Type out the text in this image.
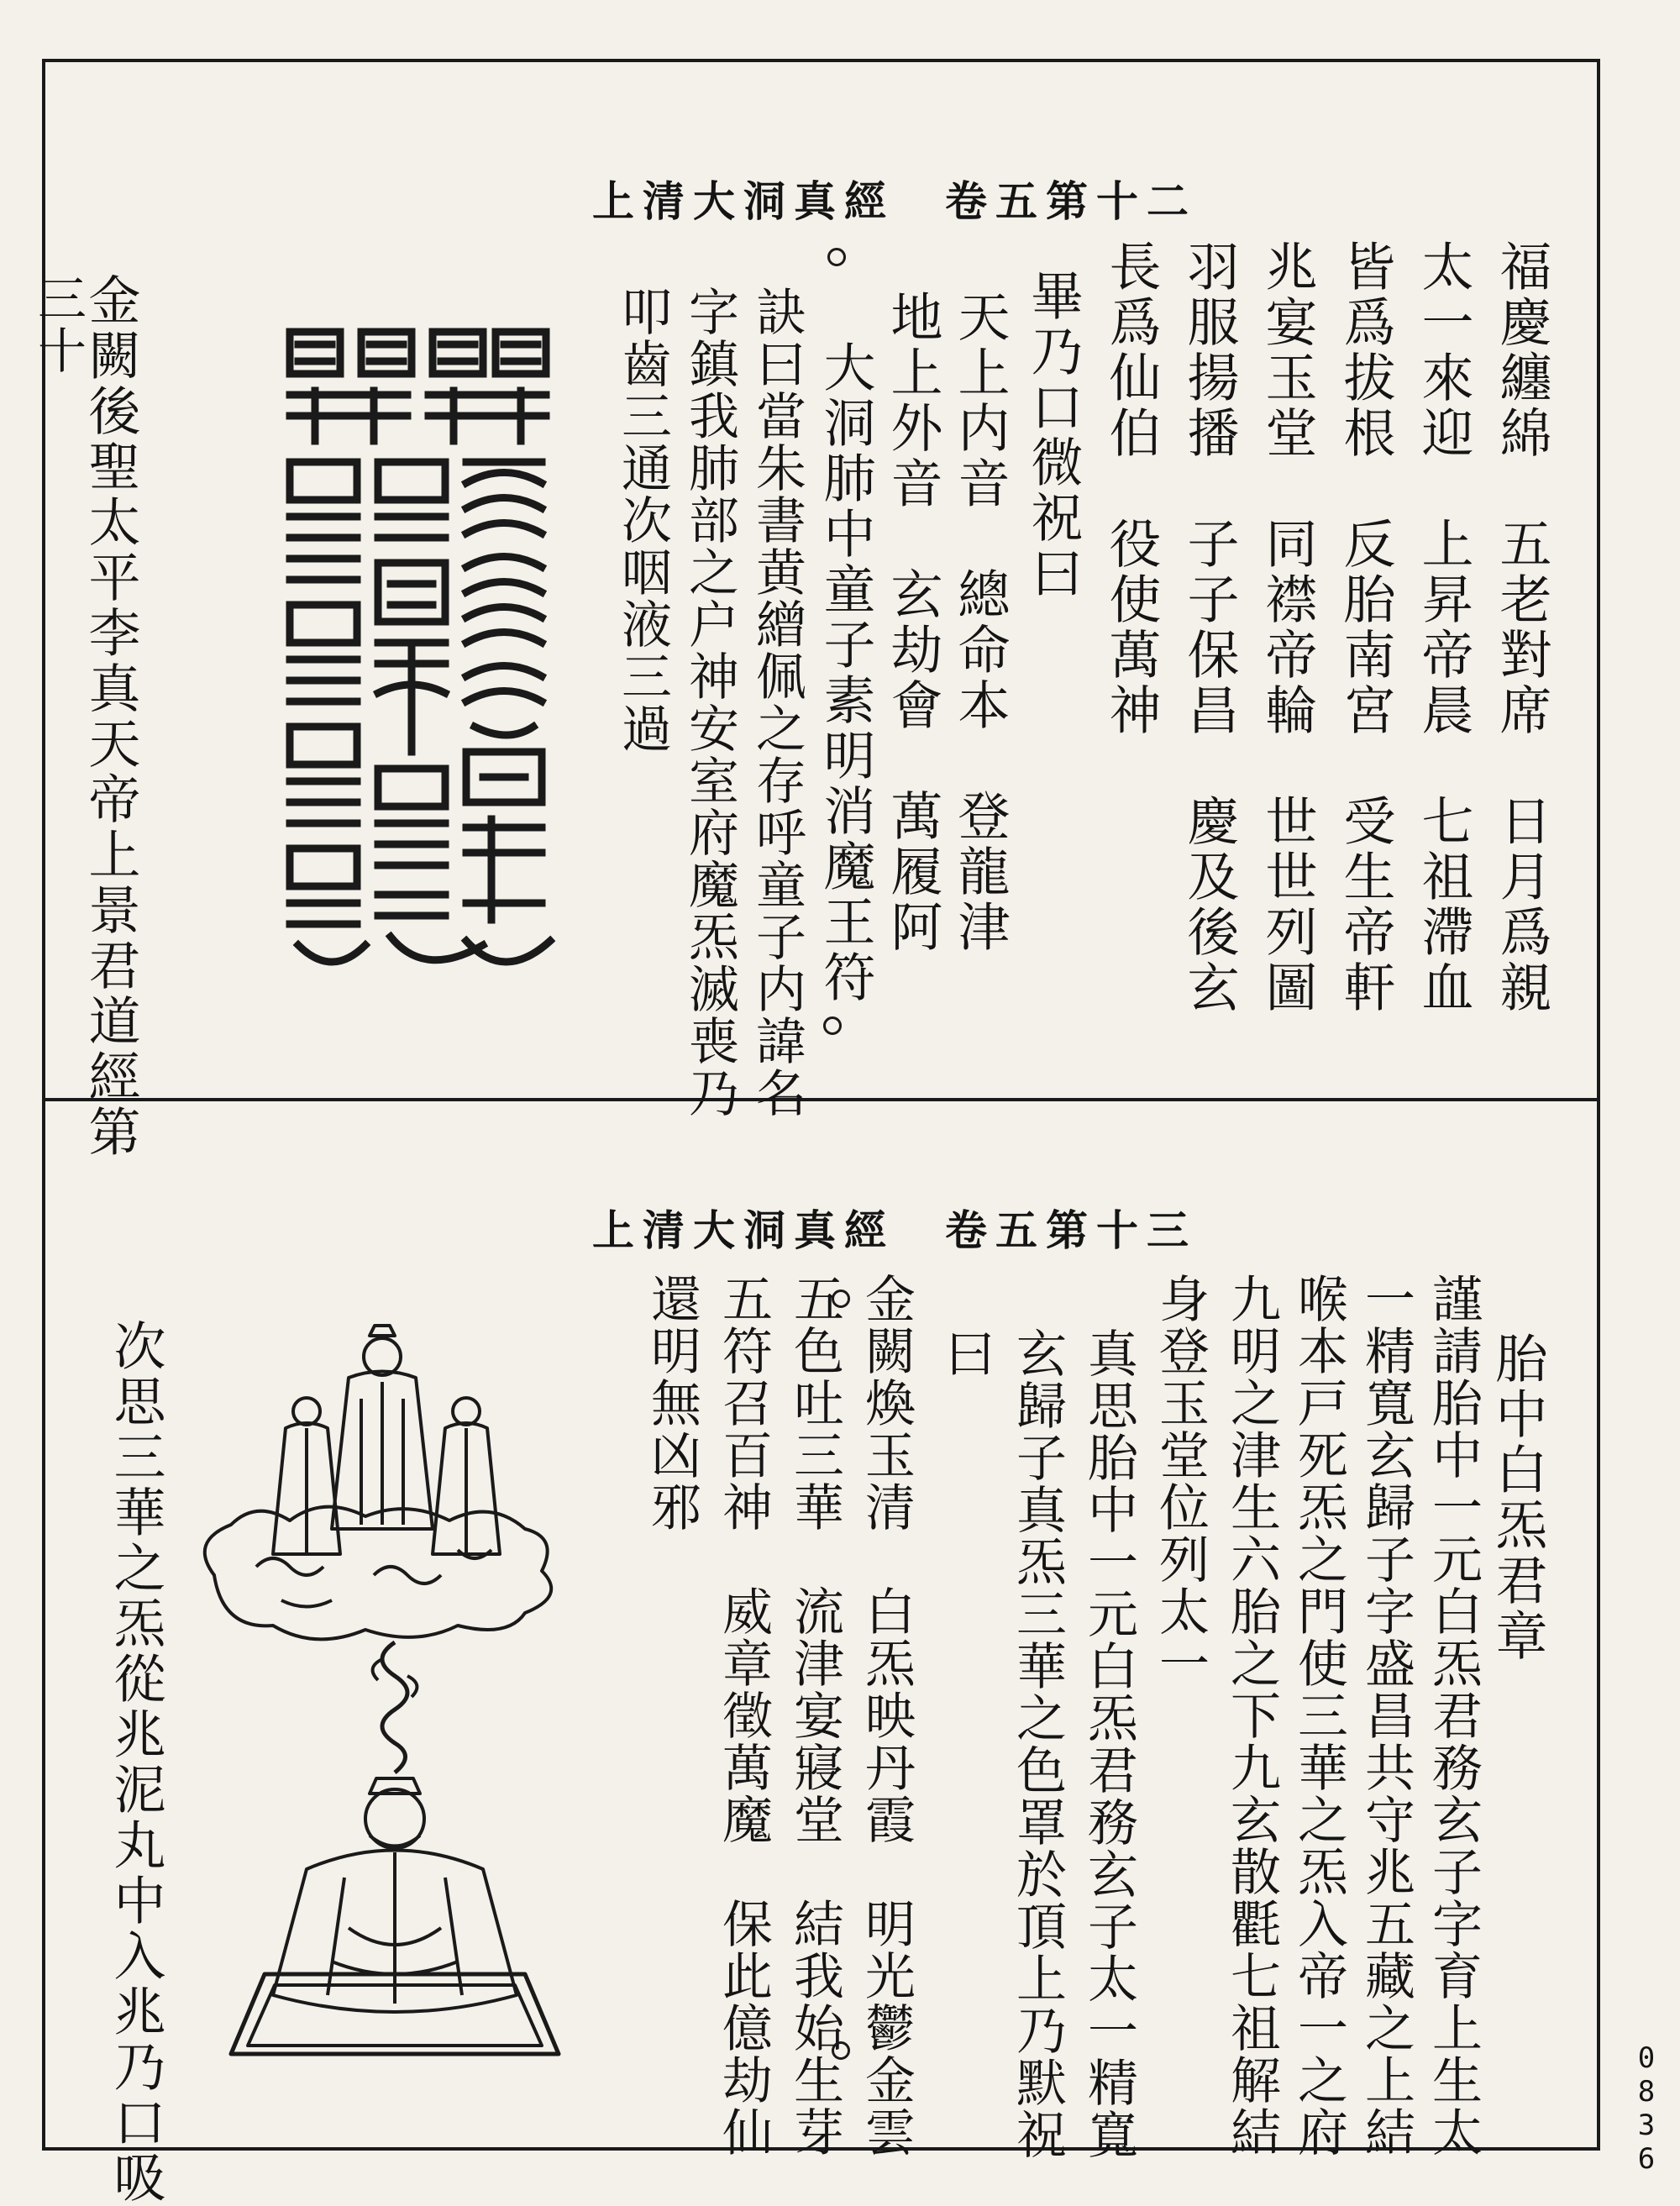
上清大洞真經　卷五第十二
福慶纏綿　五老對席　日月爲親
太一來迎　上昇帝晨　七祖滯血
皆爲拔根　反胎南宮　受生帝軒
兆宴玉堂　同襟帝輪　世世列圖
羽服揚播　子子保昌　慶及後玄
長爲仙伯　役使萬神
畢乃口微祝曰
天上内音　總命本　登龍津
地上外音　玄劫會　萬履阿
大洞肺中童子素明消魔王符
訣曰當朱書黄繒佩之存呼童子内諱名
字鎮我肺部之户神安室府魔炁滅喪乃
叩齒三通次咽液三過
金闕後聖太平李真天帝上景君道經第
三十
上清大洞真經　卷五第十三
胎中白炁君章
謹請胎中一元白炁君務玄子字育上生太
一精寬玄歸子字盛昌共守兆五藏之上結
喉本戸死炁之門使三華之炁入帝一之府
九明之津生六胎之下九玄散氍七祖解結
身登玉堂位列太一
真思胎中一元白炁君務玄子太一精寬
玄歸子真炁三華之色罩於頂上乃默祝
曰
金闕煥玉清　白炁映丹霞　明光鬱金雲
五色吐三華　流津宴寢堂　結我始生芽
五符召百神　威章徵萬魔　保此億劫仙
還明無凶邪
次思三華之炁從兆泥丸中入兆乃口吸	0
8
3
6
